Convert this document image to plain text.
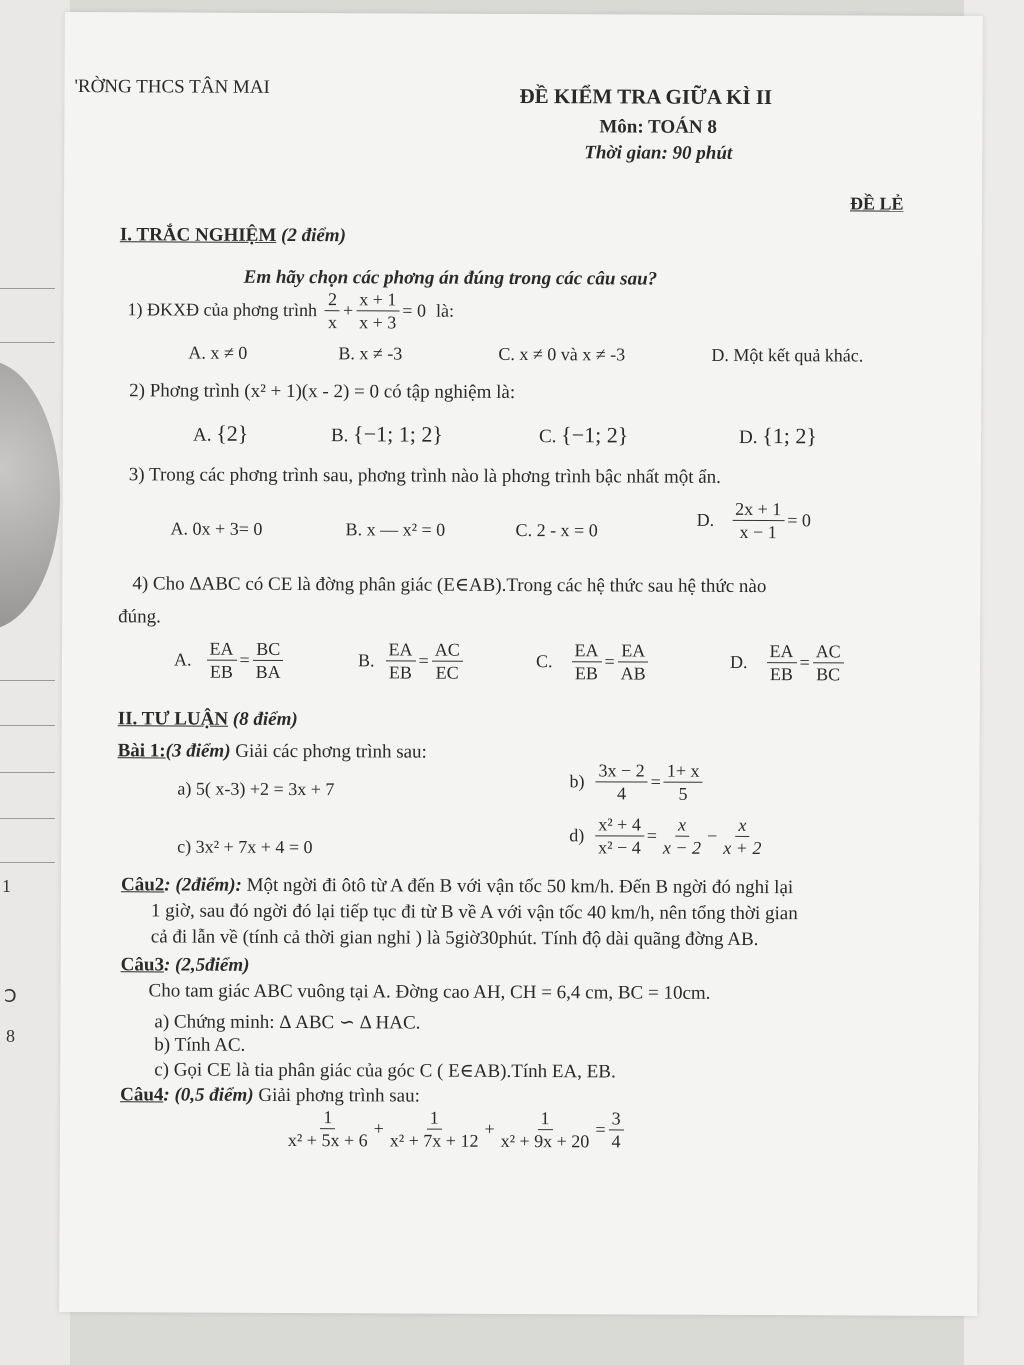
ꓛ
8
1
'RỜNG THCS TÂN MAI	ĐỀ KIỂM TRA GIỮA KÌ II
Môn: TOÁN 8
Thời gian: 90 phút
ĐỀ LẺ
I. TRẮC NGHIỆM (2 điểm)
Em hãy chọn các phơng án đúng trong các câu sau?
1) ĐKXĐ của phơng trình $\frac{2}{x} + \frac{x + 1}{x + 3} = 0$ là:
A. x ≠ 0	B. x ≠ -3	C. x ≠ 0 và x ≠ -3	D. Một kết quả khác.
2) Phơng trình (x² + 1)(x - 2) = 0 có tập nghiệm là:
A. {2}	B. {−1; 1; 2}	C. {−1; 2}	D. {1; 2}
3) Trong các phơng trình sau, phơng trình nào là phơng trình bậc nhất một ẩn.
A. 0x + 3= 0	B. x — x² = 0	C. 2 - x = 0
D. $\frac{2x + 1}{x - 1} = 0$
4) Cho ΔABC có CE là đờng phân giác (E∈AB).Trong các hệ thức sau hệ thức nào
đúng.
A. $\frac{EA}{EB} = \frac{BC}{BA}$	B. $\frac{EA}{EB} = \frac{AC}{EC}$	C. $\frac{EA}{EB} = \frac{EA}{AB}$	D. $\frac{EA}{EB} = \frac{AC}{BC}$
II. TƯ LUẬN (8 điểm)
Bài 1:(3 điểm) Giải các phơng trình sau:
a) 5( x-3) +2 = 3x + 7	$b) \frac{3x - 2}{4} = \frac{1+ x}{5}$
c) 3x² + 7x + 4 = 0
$d) \frac{\text{x² + 4}}{\text{x² − 4}} = \frac{x}{x - 2} - \frac{x}{x + 2}$
Câu2: (2điểm): Một ngời đi ôtô từ A đến B với vận tốc 50 km/h. Đến B ngời đó nghỉ lại
1 giờ, sau đó ngời đó lại tiếp tục đi từ B về A với vận tốc 40 km/h, nên tổng thời gian
cả đi lẫn về (tính cả thời gian nghỉ ) là 5giờ30phút. Tính độ dài quãng đờng AB.
Câu3: (2,5điểm)
Cho tam giác ABC vuông tại A. Đờng cao AH, CH = 6,4 cm, BC = 10cm.
a) Chứng minh: Δ ABC ∽ Δ HAC.
b) Tính AC.
c) Gọi CE là tia phân giác của góc C ( E∈AB).Tính EA, EB.
Câu4: (0,5 điểm) Giải phơng trình sau:
1
x² + 5x + 6
+ $\frac{1}{\text{x² + 7x + 12}} + \frac{1}{\text{x² + 9x + 20}} = \frac{3}{4}$
